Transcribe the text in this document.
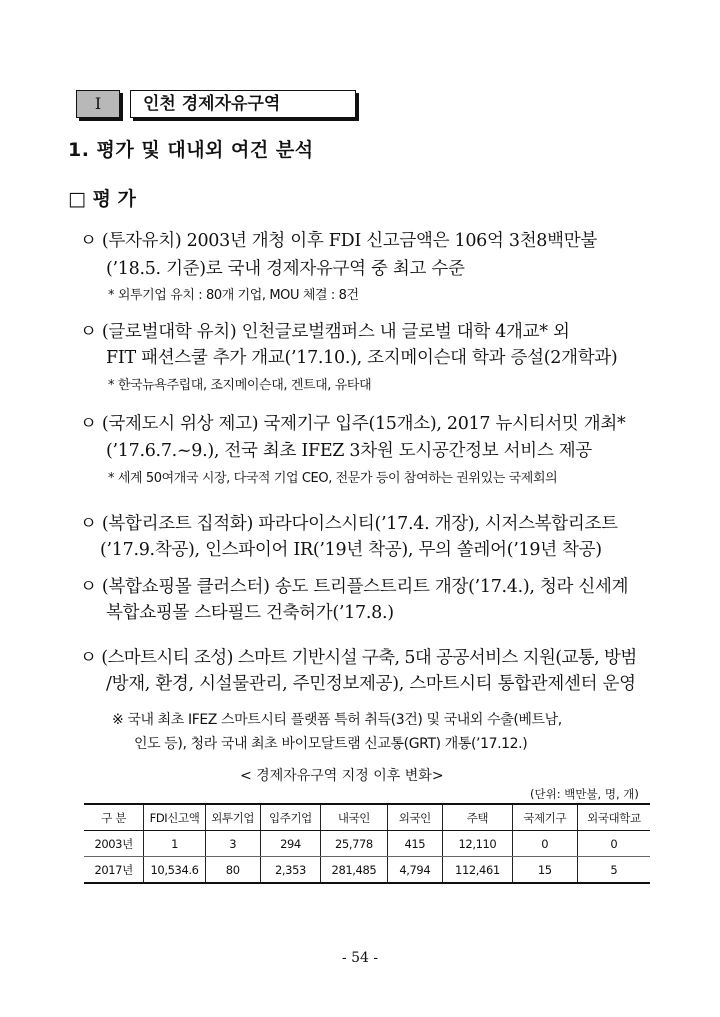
Ⅰ	인천 경제자유구역
1. 평가 및 대내외 여건 분석
□ 평 가
ㅇ (투자유치) 2003년 개청 이후 FDI 신고금액은 106억 3천8백만불
(’18.5. 기준)로 국내 경제자유구역 중 최고 수준
* 외투기업 유치 : 80개 기업, MOU 체결 : 8건
ㅇ (글로벌대학 유치) 인천글로벌캠퍼스 내 글로벌 대학 4개교* 외
FIT 패션스쿨 추가 개교(’17.10.), 조지메이슨대 학과 증설(2개학과)
* 한국뉴욕주립대, 조지메이슨대, 겐트대, 유타대
ㅇ (국제도시 위상 제고) 국제기구 입주(15개소), 2017 뉴시티서밋 개최*
(’17.6.7.~9.), 전국 최초 IFEZ 3차원 도시공간정보 서비스 제공
* 세계 50여개국 시장, 다국적 기업 CEO, 전문가 등이 참여하는 권위있는 국제회의
ㅇ (복합리조트 집적화) 파라다이스시티(’17.4. 개장), 시저스복합리조트
(’17.9.착공), 인스파이어 IR(’19년 착공), 무의 쏠레어(’19년 착공)
ㅇ (복합쇼핑몰 클러스터) 송도 트리플스트리트 개장(’17.4.), 청라 신세계
복합쇼핑몰 스타필드 건축허가(’17.8.)
ㅇ (스마트시티 조성) 스마트 기반시설 구축, 5대 공공서비스 지원(교통, 방범
/방재, 환경, 시설물관리, 주민정보제공), 스마트시티 통합관제센터 운영
※ 국내 최초 IFEZ 스마트시티 플랫폼 특허 취득(3건) 및 국내외 수출(베트남,
인도 등), 청라 국내 최초 바이모달트램 신교통(GRT) 개통(’17.12.)
< 경제자유구역 지정 이후 변화>
(단위: 백만불, 명, 개)
구 분	FDI신고액	외투기업	입주기업	내국인	외국인	주택	국제기구	외국대학교
2003년	1	3	294	25,778	415	12,110	0	0
2017년	10,534.6	80	2,353	281,485	4,794	112,461	15	5
- 54 -
